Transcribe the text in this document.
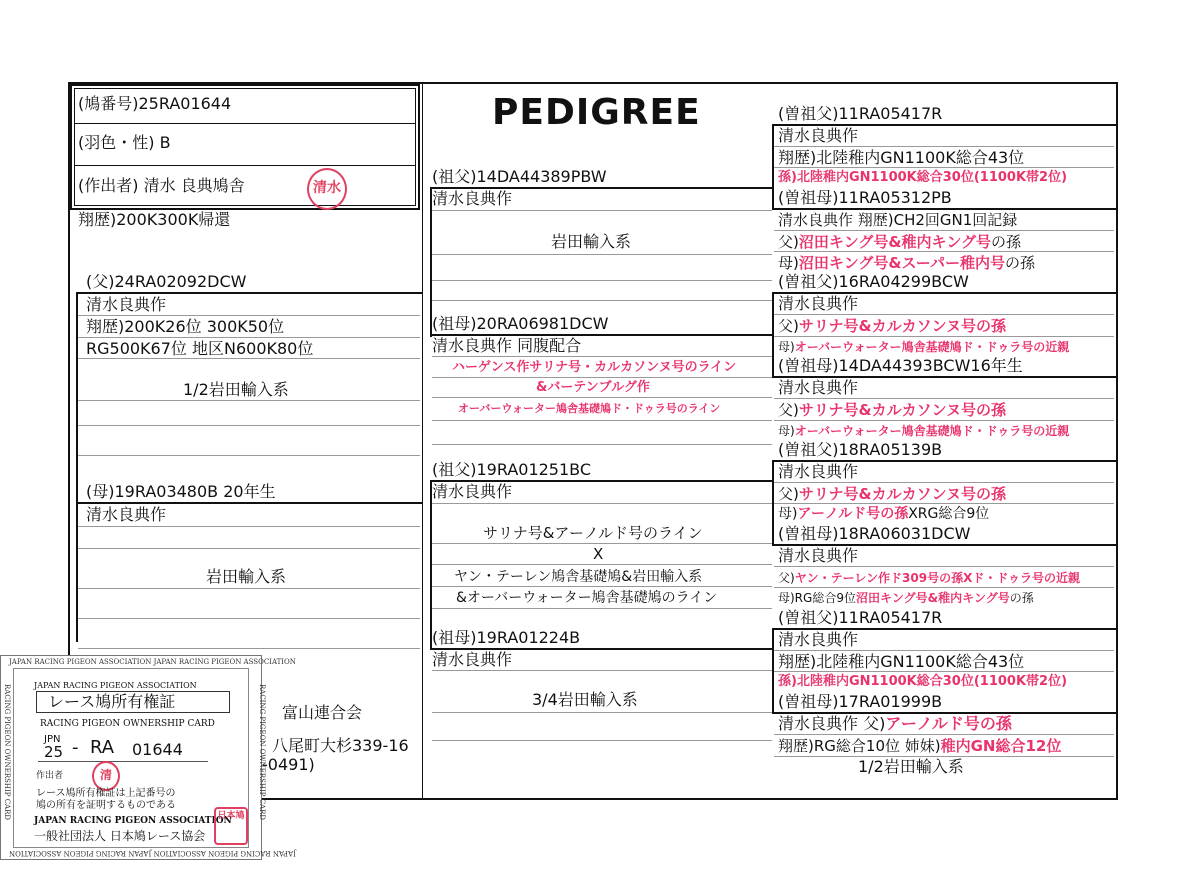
(鳩番号)25RA01644
(羽色・性) B
(作出者) 清水 良典鳩舎	清水
翔歴)200K300K帰還
PEDIGREE
(父)24RA02092DCW
清水良典作
翔歴)200K26位 300K50位
RG500K67位 地区N600K80位
1/2岩田輸入系
(母)19RA03480B 20年生
清水良典作
岩田輸入系
富山連合会
八尾町大杉339-16
-0491)
(祖父)14DA44389PBW
清水良典作
岩田輸入系
(祖母)20RA06981DCW
清水良典作 同腹配合
ハーゲンス作サリナ号・カルカソンヌ号のライン
&バーテンブルグ作
オーバーウォーター鳩舎基礎鳩ド・ドゥラ号のライン
(祖父)19RA01251BC
清水良典作
サリナ号&アーノルド号のライン
X
ヤン・テーレン鳩舎基礎鳩&岩田輸入系
&オーバーウォーター鳩舎基礎鳩のライン
(祖母)19RA01224B
清水良典作
3/4岩田輸入系
(曽祖父)11RA05417R
清水良典作
翔歴)北陸稚内GN1100K総合43位
孫)北陸稚内GN1100K総合30位(1100K帯2位)
(曽祖母)11RA05312PB
清水良典作 翔歴)CH2回GN1回記録
父)沼田キング号&稚内キング号の孫
母)沼田キング号&スーパー稚内号の孫
(曽祖父)16RA04299BCW
清水良典作
父)サリナ号&カルカソンヌ号の孫
母)オーバーウォーター鳩舎基礎鳩ド・ドゥラ号の近親
(曽祖母)14DA44393BCW16年生
清水良典作
父)サリナ号&カルカソンヌ号の孫
母)オーバーウォーター鳩舎基礎鳩ド・ドゥラ号の近親
(曽祖父)18RA05139B
清水良典作
父)サリナ号&カルカソンヌ号の孫
母)アーノルド号の孫XRG総合9位
(曽祖母)18RA06031DCW
清水良典作
父)ヤン・テーレン作ド309号の孫Xド・ドゥラ号の近親
母)RG総合9位沼田キング号&稚内キング号の孫
(曽祖父)11RA05417R
清水良典作
翔歴)北陸稚内GN1100K総合43位
孫)北陸稚内GN1100K総合30位(1100K帯2位)
(曽祖母)17RA01999B
清水良典作 父)アーノルド号の孫
翔歴)RG総合10位 姉妹)稚内GN総合12位
1/2岩田輸入系
JAPAN RACING PIGEON ASSOCIATION JAPAN RACING PIGEON ASSOCIATION
JAPAN RACING PIGEON ASSOCIATION JAPAN RACING PIGEON ASSOCIATION
RACING PIGEON OWNERSHIP CARD	RACING PIGEON OWNERSHIP CARD
JAPAN RACING PIGEON ASSOCIATION
レース鳩所有権証
RACING PIGEON OWNERSHIP CARD
JPN
25 - RA 01644
作出者	清
レース鳩所有権証は上記番号の
鳩の所有を証明するものである
JAPAN RACING PIGEON ASSOCIATION
一般社団法人 日本鳩レース協会
日本鳩
